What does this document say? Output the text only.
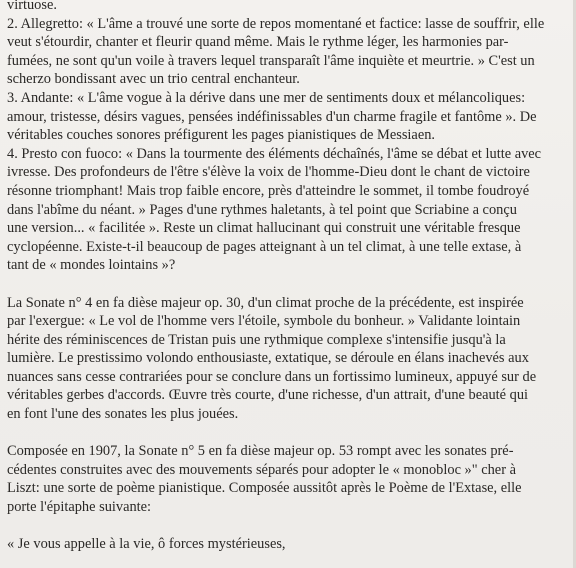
virtuose.
2. Allegretto: « L'âme a trouvé une sorte de repos momentané et factice: lasse de souffrir, elle
veut s'étourdir, chanter et fleurir quand même. Mais le rythme léger, les harmonies par-
fumées, ne sont qu'un voile à travers lequel transparaît l'âme inquiète et meurtrie. » C'est un
scherzo bondissant avec un trio central enchanteur.
3. Andante: « L'âme vogue à la dérive dans une mer de sentiments doux et mélancoliques:
amour, tristesse, désirs vagues, pensées indéfinissables d'un charme fragile et fantôme ». De
véritables couches sonores préfigurent les pages pianistiques de Messiaen.
4. Presto con fuoco: « Dans la tourmente des éléments déchaînés, l'âme se débat et lutte avec
ivresse. Des profondeurs de l'être s'élève la voix de l'homme-Dieu dont le chant de victoire
résonne triomphant! Mais trop faible encore, près d'atteindre le sommet, il tombe foudroyé
dans l'abîme du néant. » Pages d'une rythmes haletants, à tel point que Scriabine a conçu
une version... « facilitée ». Reste un climat hallucinant qui construit une véritable fresque
cyclopéenne. Existe-t-il beaucoup de pages atteignant à un tel climat, à une telle extase, à
tant de « mondes lointains »?
La Sonate n° 4 en fa dièse majeur op. 30, d'un climat proche de la précédente, est inspirée
par l'exergue: « Le vol de l'homme vers l'étoile, symbole du bonheur. » Validante lointain
hérite des réminiscences de Tristan puis une rythmique complexe s'intensifie jusqu'à la
lumière. Le prestissimo volondo enthousiaste, extatique, se déroule en élans inachevés aux
nuances sans cesse contrariées pour se conclure dans un fortissimo lumineux, appuyé sur de
véritables gerbes d'accords. Œuvre très courte, d'une richesse, d'un attrait, d'une beauté qui
en font l'une des sonates les plus jouées.
Composée en 1907, la Sonate n° 5 en fa dièse majeur op. 53 rompt avec les sonates pré-
cédentes construites avec des mouvements séparés pour adopter le « monobloc »" cher à
Liszt: une sorte de poème pianistique. Composée aussitôt après le Poème de l'Extase, elle
porte l'épitaphe suivante:
« Je vous appelle à la vie, ô forces mystérieuses,
